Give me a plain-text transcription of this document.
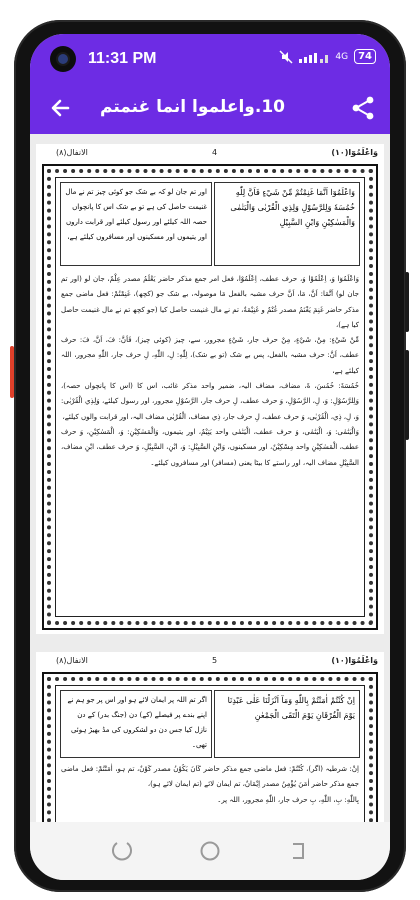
11:31 PM	4G	74
10.واعلموا انما غنمتم
وَاعْلَمُوٓا(١٠)
4
الانفال(٨)
وَاعْلَمُوٓا اَنَّمَا غَنِمْتُمْ مِّنْ شَيْءٍ فَاَنَّ لِلّٰهِ خُمُسَهٗ وَلِلرَّسُوْلِ وَلِذِي الْقُرْبٰى وَالْيَتٰمٰى وَالْمَسٰكِيْنِ وَابْنِ السَّبِيْلِ
اور تم جان لو کہ بے شک جو کوئی چیز تم نے مال غنیمت حاصل کی ہے تو بے شک اس کا پانچواں حصہ اللہ کیلئے اور رسول کیلئے اور قرابت داروں اور یتیموں اور مسکینوں اور مسافروں کیلئے ہے،

وَاعْلَمُوٓا وَ، اِعْلَمُوْا وَ، حرف عطف، اِعْلَمُوْا، فعل امر جمع مذکر حاضر یَعْلَمُ مصدر عِلْمٌ، جان لو (اور تم جان لو) اَنَّمَا: اَنَّ، مَا، اَنَّ حرف مشبہ بالفعل مَا موصولہ، بے شک جو (کچھ)، غَنِمْتُمْ: فعل ماضی جمع مذکر حاضر غَنِمَ یَغْنَمُ مصدر غُنْمٌ و غَنِيْمَةٌ، تم نے مال غنیمت حاصل کیا (جو کچھ تم نے مال غنیمت حاصل کیا ہے)،

مِّنْ شَيْءٍ: مِنْ، شَيْءٍ، مِنْ حرف جار، شَيْءٍ مجرور، سے، چیز (کوئی چیز)، فَاَنَّ: فَ، اَنَّ، فَ: حرف عطف، اَنَّ: حرف مشبہ بالفعل، پس بے شک (تو بے شک)، لِلّٰهِ: لِ، اللّٰهِ، لِ حرف جار، اللّٰهِ مجرور، اللہ کیلئے ہے،

خُمُسَهٗ: خُمُسَ، هٗ، مضاف، مضاف الیہ، ضمیر واحد مذکر غائب، اس کا (اس کا پانچواں حصہ)، وَلِلرَّسُوْلِ: وَ، لِ، الرَّسُوْلِ، وَ حرف عطف، لِ حرف جار، الرَّسُوْلِ مجرور، اور رسول کیلئے، وَلِذِي الْقُرْبٰى: وَ، لِ، ذِي، الْقُرْبٰى، وَ حرف عطف، لِ حرف جار، ذِي مضاف، الْقُرْبٰى مضاف الیہ، اور قرابت والوں کیلئے،

وَالْيَتٰمٰى: وَ، الْيَتٰمٰى، وَ حرف عطف، الْيَتٰمٰى واحد يَتِيْمٌ، اور یتیموں، وَالْمَسٰكِيْنِ: وَ، الْمَسٰكِيْنِ، وَ حرف عطف، الْمَسٰكِيْنِ واحد مِسْكِيْنٌ، اور مسکینوں، وَابْنِ السَّبِيْلِ: وَ، ابْنِ، السَّبِيْلِ، وَ حرف عطف، ابْنِ مضاف، السَّبِيْلِ مضاف الیہ، اور راستے کا بیٹا یعنی (مسافر) اور مسافروں کیلئے۔

وَاعْلَمُوٓا(١٠)
5
الانفال(٨)
اِنْ كُنْتُمْ اٰمَنْتُمْ بِاللّٰهِ وَمَآ اَنْزَلْنَا عَلٰى عَبْدِنَا يَوْمَ الْفُرْقَانِ يَوْمَ الْتَقَى الْجَمْعٰنِ
اگر تم اللہ پر ایمان لائے ہو اور اس پر جو ہم نے اپنے بندے پر فیصلے (کے) دن (جنگ بدر) کے دن نازل کیا جس دن دو لشکروں کی مڈ بھیڑ ہوئی تھی۔

اِنْ: شرطیہ (اگر)، كُنْتُمْ: فعل ماضی جمع مذکر حاضر كَانَ يَكُوْنُ مصدر كَوْنٌ، تم ہو، اٰمَنْتُمْ: فعل ماضی جمع مذکر حاضر اٰمَنَ يُؤْمِنُ مصدر اِيْمَانٌ، تم ایمان لائے (تم ایمان لائے ہو)،

بِاللّٰهِ: بِ، اللّٰهِ، بِ حرف جار، اللّٰهِ مجرور، اللہ پر۔
